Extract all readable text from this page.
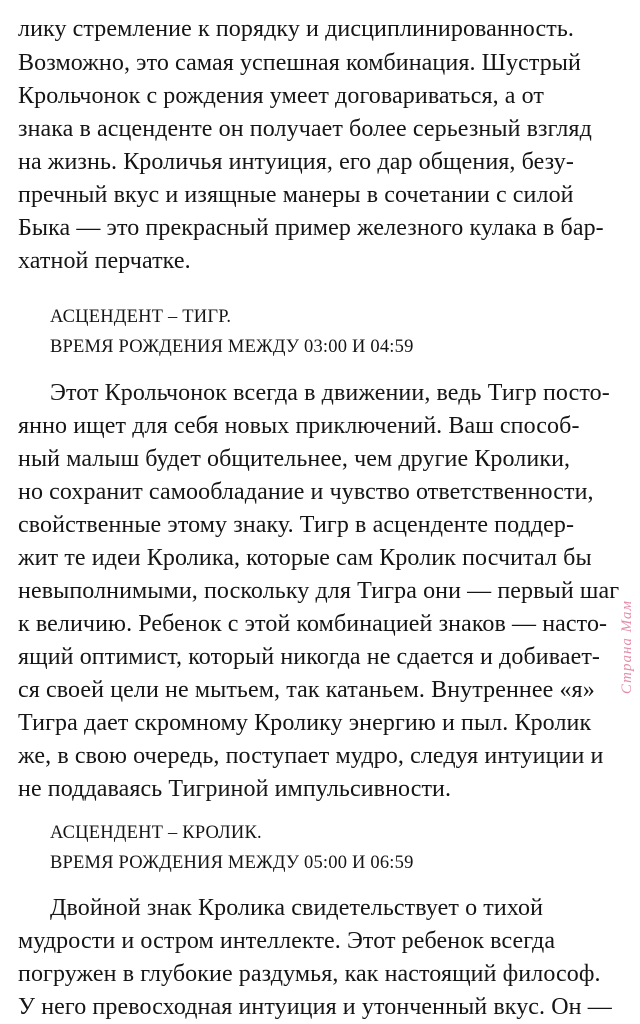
лику стремление к порядку и дисциплинированность.
Возможно, это самая успешная комбинация. Шустрый
Крольчонок с рождения умеет договариваться, а от
знака в асценденте он получает более серьезный взгляд
на жизнь. Кроличья интуиция, его дар общения, безу-
пречный вкус и изящные манеры в сочетании с силой
Быка — это прекрасный пример железного кулака в бар-
хатной перчатке.
АСЦЕНДЕНТ – ТИГР.
ВРЕМЯ РОЖДЕНИЯ МЕЖДУ 03:00 И 04:59
Этот Крольчонок всегда в движении, ведь Тигр посто-
янно ищет для себя новых приключений. Ваш способ-
ный малыш будет общительнее, чем другие Кролики,
но сохранит самообладание и чувство ответственности,
свойственные этому знаку. Тигр в асценденте поддер-
жит те идеи Кролика, которые сам Кролик посчитал бы
невыполнимыми, поскольку для Тигра они — первый шаг
к величию. Ребенок с этой комбинацией знаков — насто-
ящий оптимист, который никогда не сдается и добивает-
ся своей цели не мытьем, так катаньем. Внутреннее «я»
Тигра дает скромному Кролику энергию и пыл. Кролик
же, в свою очередь, поступает мудро, следуя интуиции и
не поддаваясь Тигриной импульсивности.
АСЦЕНДЕНТ – КРОЛИК.
ВРЕМЯ РОЖДЕНИЯ МЕЖДУ 05:00 И 06:59
Двойной знак Кролика свидетельствует о тихой
мудрости и остром интеллекте. Этот ребенок всегда
погружен в глубокие раздумья, как настоящий философ.
У него превосходная интуиция и утонченный вкус. Он —
Страна Мам
